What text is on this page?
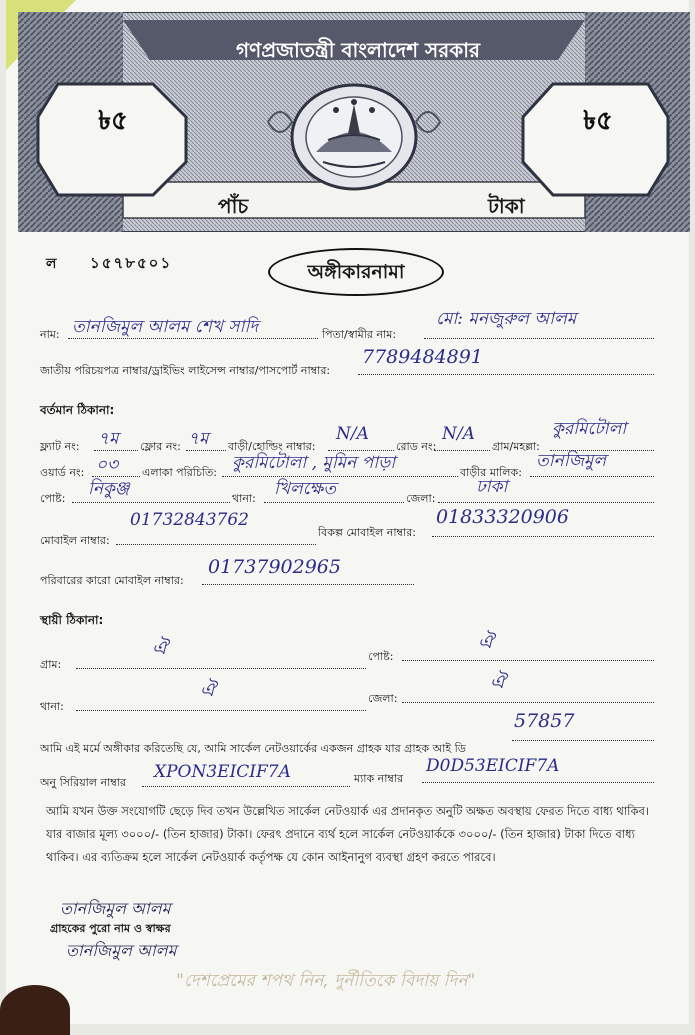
গণপ্রজাতন্ত্রী বাংলাদেশ সরকার
৳৫	৳৫
পাঁচ	টাকা
ল ১৫৭৮৫০১	অঙ্গীকারনামা
নাম: তানজিমুল আলম শেখ সাদি	পিতা/স্বামীর নাম:
মো: মনজুরুল আলম
জাতীয় পরিচয়পত্র নাম্বার/ড্রাইভিং লাইসেন্স নাম্বার/পাসপোর্ট নাম্বার:
7789484891
বর্তমান ঠিকানা:
ফ্ল্যাট নং: ৭ম ফ্লোর নং: ৭ম বাড়ী/হোল্ডিং নাম্বার:
N/A
রোড নং:
N/A
গ্রাম/মহল্লা:
কুরমিটোলা
ওয়ার্ড নং: ০৩ এলাকা পরিচিতি: কুরমিটোলা , মুমিন পাড়া	বাড়ীর মালিক:
তানজিমুল
পোষ্ট: নিকুঞ্জ	থানা: খিলক্ষেত	জেলা:
ঢাকা
মোবাইল নাম্বার:
01732843762
বিকল্প মোবাইল নাম্বার:
01833320906
পরিবারের কারো মোবাইল নাম্বার:
01737902965
স্থায়ী ঠিকানা:
গ্রাম:
ঐ	পোষ্ট:
ঐ
থানা:
ঐ	জেলা:
ঐ
আমি এই মর্মে অঙ্গীকার করিতেছি যে, আমি সার্কেল নেটওয়ার্কের একজন গ্রাহক যার গ্রাহক আই ডি
57857
অনু সিরিয়াল নাম্বার
XPON3EICIF7A	ম্যাক নাম্বার
D0D53EICIF7A
আমি যখন উক্ত সংযোগটি ছেড়ে দিব তখন উল্লেখিত সার্কেল নেটওয়ার্ক এর প্রদানকৃত অনুটি অক্ষত অবস্থায় ফেরত দিতে বাধ্য থাকিব।
যার বাজার মূল্য ৩০০০/- (তিন হাজার) টাকা। ফেরৎ প্রদানে ব্যর্থ হলে সার্কেল নেটওয়ার্ককে ৩০০০/- (তিন হাজার) টাকা দিতে বাধ্য
থাকিব। এর ব্যতিক্রম হলে সার্কেল নেটওয়ার্ক কর্তৃপক্ষ যে কোন আইনানুগ ব্যবস্থা গ্রহণ করতে পারবে।
তানজিমুল আলম
গ্রাহকের পুরো নাম ও স্বাক্ষর
তানজিমুল আলম
"দেশপ্রেমের শপথ নিন, দুর্নীতিকে বিদায় দিন"
